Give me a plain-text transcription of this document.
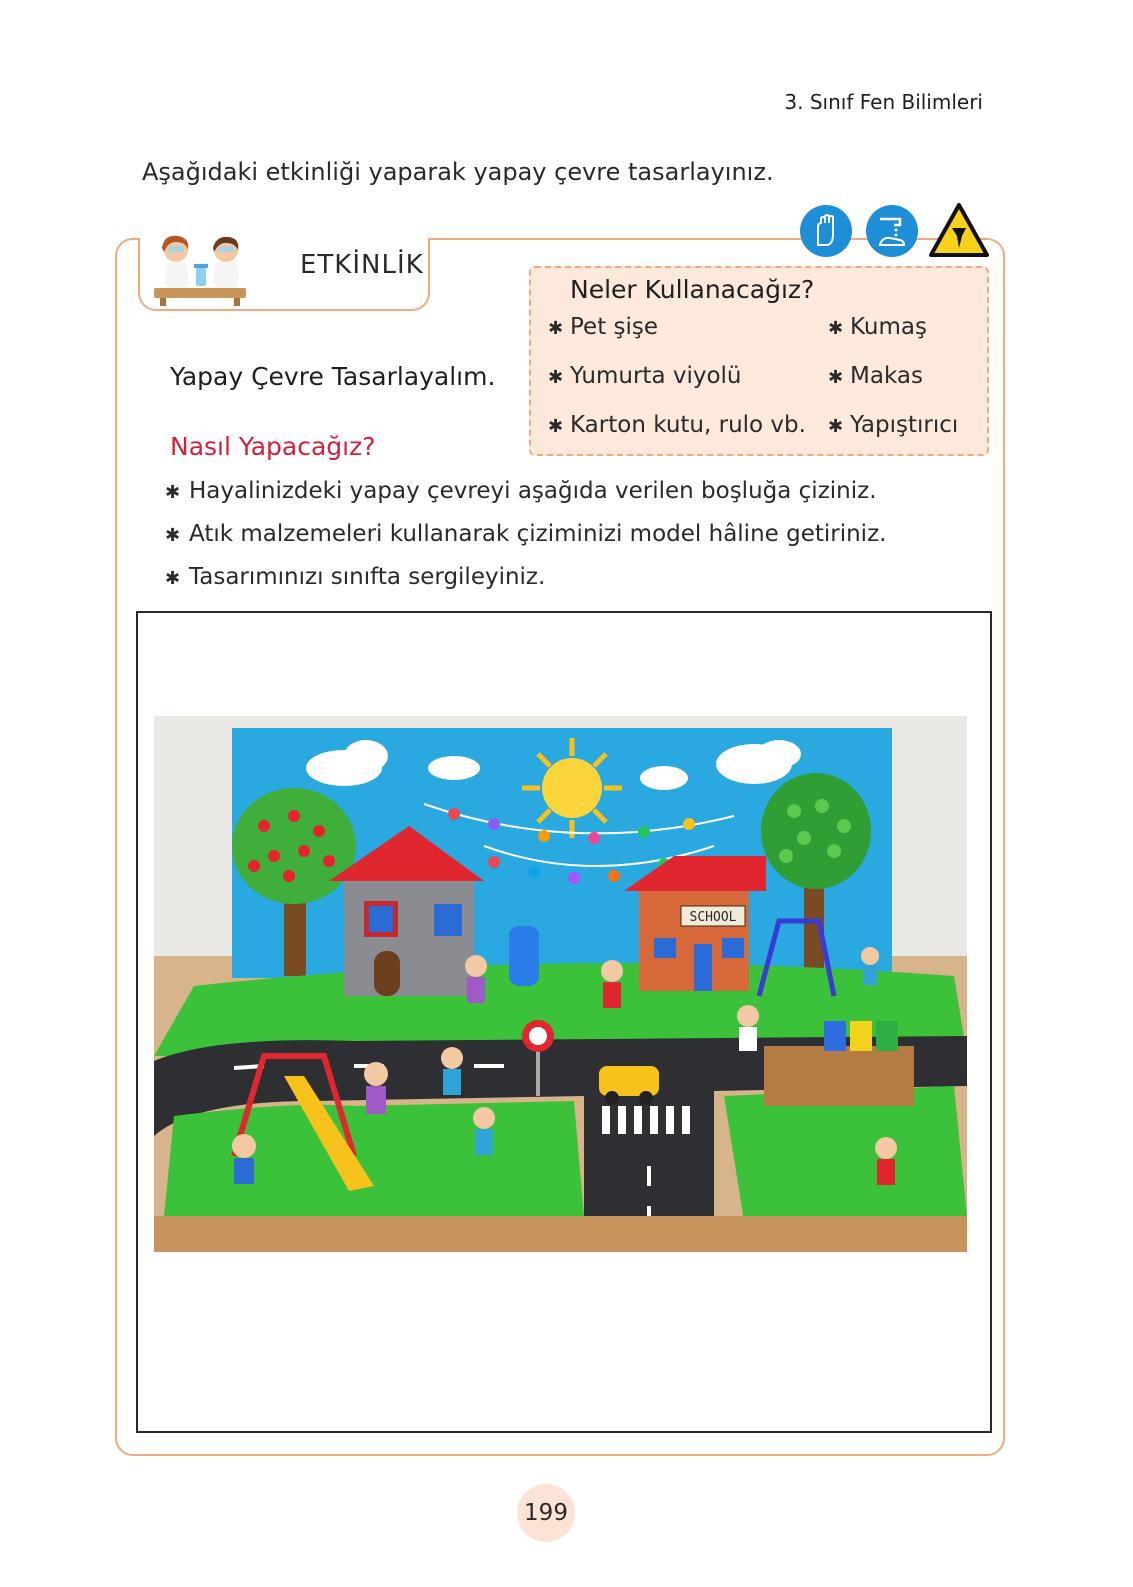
3. Sınıf Fen Bilimleri
Aşağıdaki etkinliği yaparak yapay çevre tasarlayınız.
ETKİNLİK
Neler Kullanacağız?
✱ Pet şişe
✱ Yumurta viyolü
✱ Karton kutu, rulo vb.
✱ Kumaş
✱ Makas
✱ Yapıştırıcı
Yapay Çevre Tasarlayalım.
Nasıl Yapacağız?
✱ Hayalinizdeki yapay çevreyi aşağıda verilen boşluğa çiziniz.
✱ Atık malzemeleri kullanarak çiziminizi model hâline getiriniz.
✱ Tasarımınızı sınıfta sergileyiniz.
SCHOOL
199
